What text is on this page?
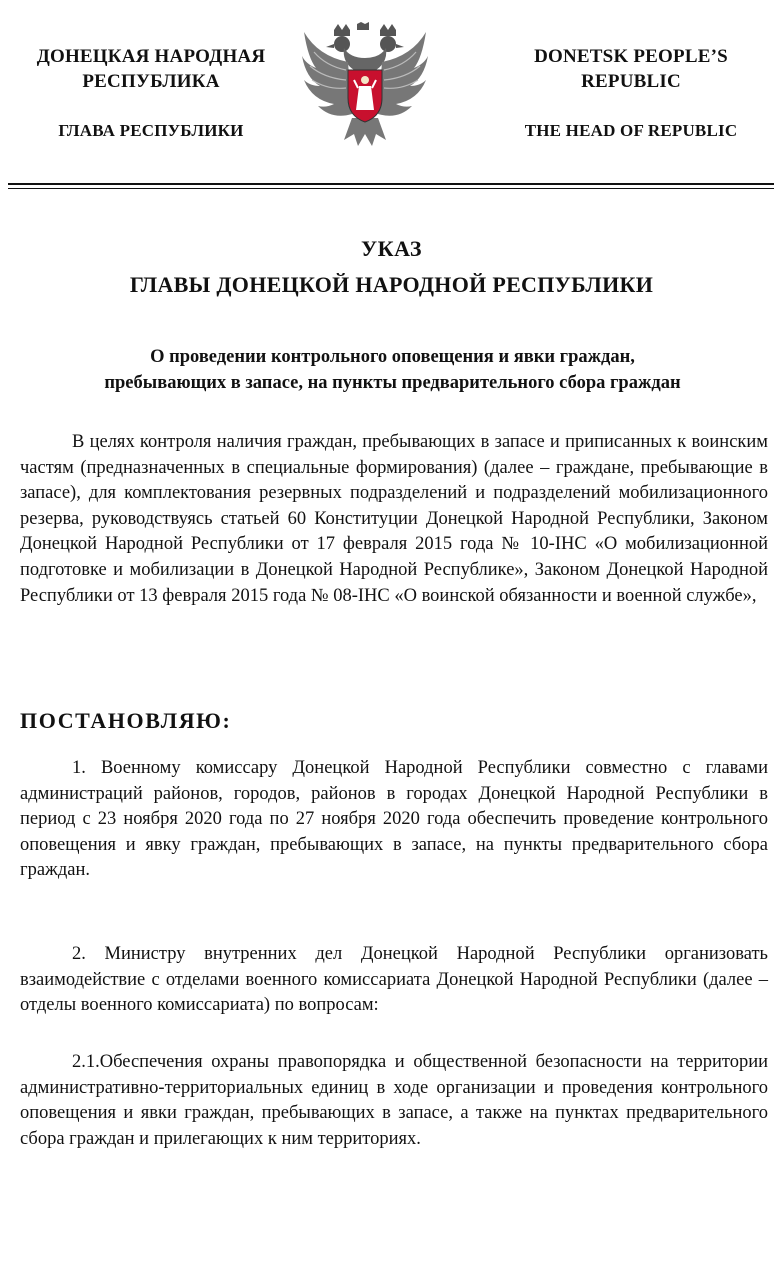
ДОНЕЦКАЯ НАРОДНАЯ
РЕСПУБЛИКА
ГЛАВА РЕСПУБЛИКИ
DONETSK PEOPLE’S
REPUBLIC
THE HEAD OF REPUBLIC
УКАЗ
ГЛАВЫ ДОНЕЦКОЙ НАРОДНОЙ РЕСПУБЛИКИ
О проведении контрольного оповещения и явки граждан,
пребывающих в запасе, на пункты предварительного сбора граждан
В целях контроля наличия граждан, пребывающих в запасе и приписанных к воинским частям (предназначенных в специальные формирования) (далее – граждане, пребывающие в запасе), для комплектования резервных подразделений и подразделений мобилизационного резерва, руководствуясь статьей 60 Конституции Донецкой Народной Республики, Законом Донецкой Народной Республики от 17 февраля 2015 года № 10-IНС «О мобилизационной подготовке и мобилизации в Донецкой Народной Республике», Законом Донецкой Народной Республики от 13 февраля 2015 года № 08-IНС «О воинской обязанности и военной службе»,
ПОСТАНОВЛЯЮ:
1. Военному комиссару Донецкой Народной Республики совместно с главами администраций районов, городов, районов в городах Донецкой Народной Республики в период с 23 ноября 2020 года по 27 ноября 2020 года обеспечить проведение контрольного оповещения и явку граждан, пребывающих в запасе, на пункты предварительного сбора граждан.
2. Министру внутренних дел Донецкой Народной Республики организовать взаимодействие с отделами военного комиссариата Донецкой Народной Республики (далее – отделы военного комиссариата) по вопросам:
2.1.Обеспечения охраны правопорядка и общественной безопасности на территории административно-территориальных единиц в ходе организации и проведения контрольного оповещения и явки граждан, пребывающих в запасе, а также на пунктах предварительного сбора граждан и прилегающих к ним территориях.
